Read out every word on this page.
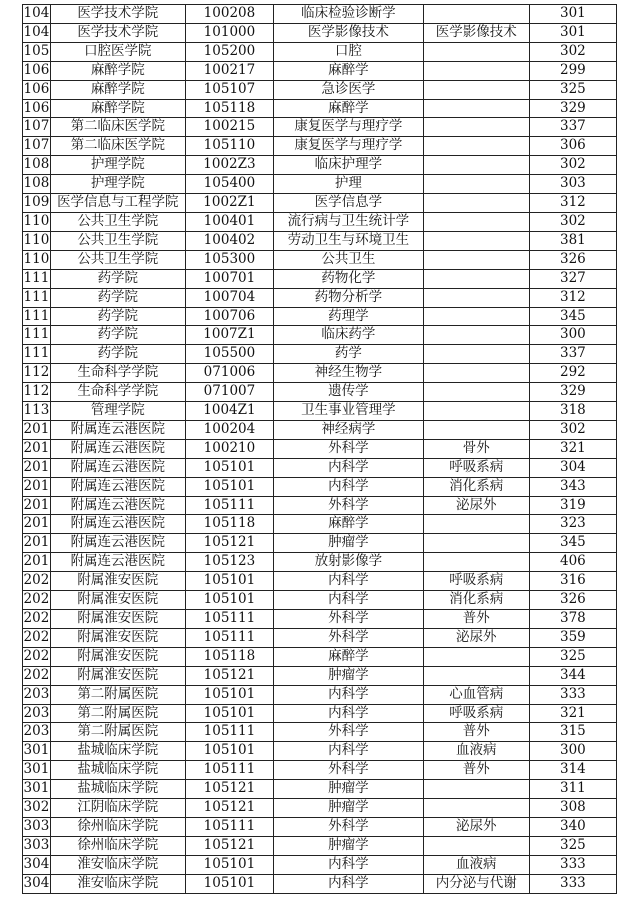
104	医学技术学院	100208	临床检验诊断学		301
104	医学技术学院	101000	医学影像技术	医学影像技术	301
105	口腔医学院	105200	口腔		302
106	麻醉学院	100217	麻醉学		299
106	麻醉学院	105107	急诊医学		325
106	麻醉学院	105118	麻醉学		329
107	第二临床医学院	100215	康复医学与理疗学		337
107	第二临床医学院	105110	康复医学与理疗学		306
108	护理学院	1002Z3	临床护理学		302
108	护理学院	105400	护理		303
109	医学信息与工程学院	1002Z1	医学信息学		312
110	公共卫生学院	100401	流行病与卫生统计学		302
110	公共卫生学院	100402	劳动卫生与环境卫生		381
110	公共卫生学院	105300	公共卫生		326
111	药学院	100701	药物化学		327
111	药学院	100704	药物分析学		312
111	药学院	100706	药理学		345
111	药学院	1007Z1	临床药学		300
111	药学院	105500	药学		337
112	生命科学学院	071006	神经生物学		292
112	生命科学学院	071007	遗传学		329
113	管理学院	1004Z1	卫生事业管理学		318
201	附属连云港医院	100204	神经病学		302
201	附属连云港医院	100210	外科学	骨外	321
201	附属连云港医院	105101	内科学	呼吸系病	304
201	附属连云港医院	105101	内科学	消化系病	343
201	附属连云港医院	105111	外科学	泌尿外	319
201	附属连云港医院	105118	麻醉学		323
201	附属连云港医院	105121	肿瘤学		345
201	附属连云港医院	105123	放射影像学		406
202	附属淮安医院	105101	内科学	呼吸系病	316
202	附属淮安医院	105101	内科学	消化系病	326
202	附属淮安医院	105111	外科学	普外	378
202	附属淮安医院	105111	外科学	泌尿外	359
202	附属淮安医院	105118	麻醉学		325
202	附属淮安医院	105121	肿瘤学		344
203	第二附属医院	105101	内科学	心血管病	333
203	第二附属医院	105101	内科学	呼吸系病	321
203	第二附属医院	105111	外科学	普外	315
301	盐城临床学院	105101	内科学	血液病	300
301	盐城临床学院	105111	外科学	普外	314
301	盐城临床学院	105121	肿瘤学		311
302	江阴临床学院	105121	肿瘤学		308
303	徐州临床学院	105111	外科学	泌尿外	340
303	徐州临床学院	105121	肿瘤学		325
304	淮安临床学院	105101	内科学	血液病	333
304	淮安临床学院	105101	内科学	内分泌与代谢	333
